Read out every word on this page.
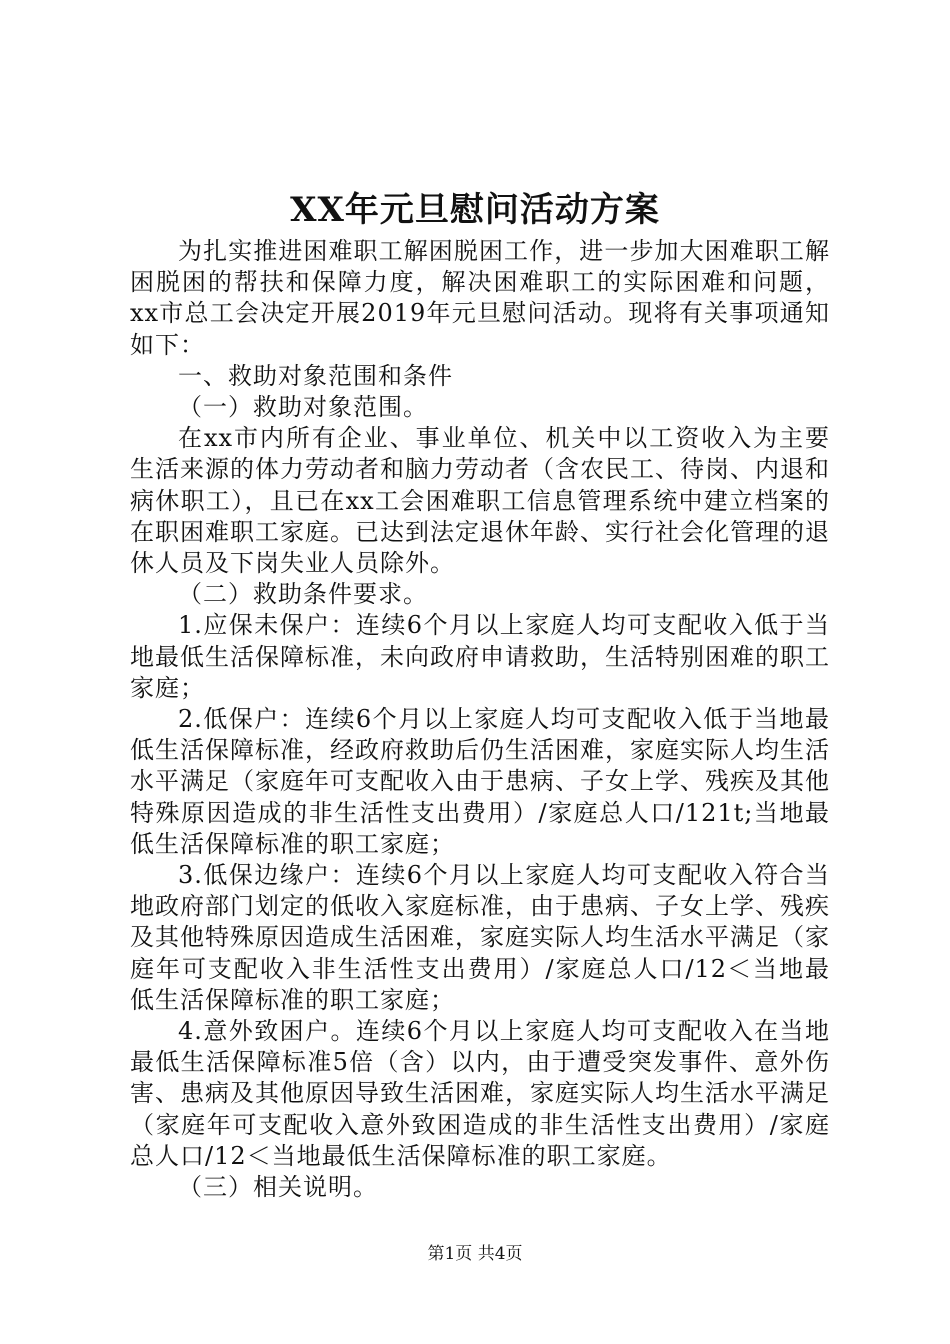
XX年元旦慰问活动方案

为扎实推进困难职工解困脱困工作，进一步加大困难职工解困脱困的帮扶和保障力度，解决困难职工的实际困难和问题，xx市总工会决定开展2019年元旦慰问活动。现将有关事项通知如下：

一、救助对象范围和条件

（一）救助对象范围。

在xx市内所有企业、事业单位、机关中以工资收入为主要生活来源的体力劳动者和脑力劳动者（含农民工、待岗、内退和病休职工），且已在xx工会困难职工信息管理系统中建立档案的在职困难职工家庭。已达到法定退休年龄、实行社会化管理的退休人员及下岗失业人员除外。

（二）救助条件要求。

1.应保未保户：连续6个月以上家庭人均可支配收入低于当地最低生活保障标准，未向政府申请救助，生活特别困难的职工家庭；

2.低保户：连续6个月以上家庭人均可支配收入低于当地最低生活保障标准，经政府救助后仍生活困难，家庭实际人均生活水平满足（家庭年可支配收入由于患病、子女上学、残疾及其他特殊原因造成的非生活性支出费用）/家庭总人口/121t;当地最低生活保障标准的职工家庭；

3.低保边缘户：连续6个月以上家庭人均可支配收入符合当地政府部门划定的低收入家庭标准，由于患病、子女上学、残疾及其他特殊原因造成生活困难，家庭实际人均生活水平满足（家庭年可支配收入非生活性支出费用）/家庭总人口/12＜当地最低生活保障标准的职工家庭；

4.意外致困户。连续6个月以上家庭人均可支配收入在当地最低生活保障标准5倍（含）以内，由于遭受突发事件、意外伤害、患病及其他原因导致生活困难，家庭实际人均生活水平满足（家庭年可支配收入意外致困造成的非生活性支出费用）/家庭总人口/12＜当地最低生活保障标准的职工家庭。

（三）相关说明。

第1页 共4页
